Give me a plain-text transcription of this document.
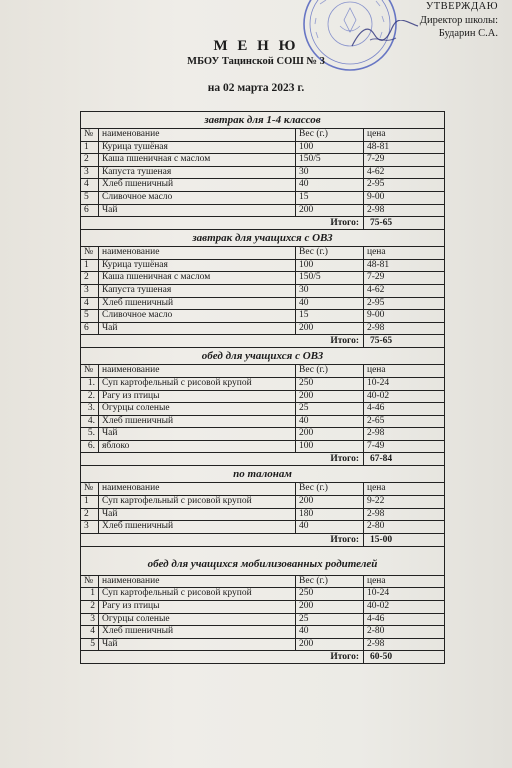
УТВЕРЖДАЮ
Директор школы:
Бударин С.А.
М Е Н Ю
МБОУ Тацинской СОШ № 3
на 02 марта 2023 г.
завтрак для 1-4 классов
№ наименование	Вес (г.)	цена
1	Курица тушёная	100	48-81
2	Каша пшеничная с маслом	150/5	7-29
3	Капуста тушеная	30	4-62
4	Хлеб пшеничный	40	2-95
5	Сливочное масло	15	9-00
6	Чай	200	2-98
Итого:	75-65
завтрак для учащихся с ОВЗ
№ наименование	Вес (г.)	цена
1	Курица тушёная	100	48-81
2	Каша пшеничная с маслом	150/5	7-29
3	Капуста тушеная	30	4-62
4	Хлеб пшеничный	40	2-95
5	Сливочное масло	15	9-00
6	Чай	200	2-98
Итого:	75-65
обед для учащихся с ОВЗ
№ наименование	Вес (г.)	цена
1. Суп картофельный с рисовой крупой	250	10-24
2. Рагу из птицы	200	40-02
3. Огурцы соленые	25	4-46
4. Хлеб пшеничный	40	2-65
5. Чай	200	2-98
6. яблоко	100	7-49
Итого:	67-84
по талонам
№ наименование	Вес (г.)	цена
1	Суп картофельный с рисовой крупой	200	9-22
2	Чай	180	2-98
3	Хлеб пшеничный	40	2-80
Итого:	15-00
обед для учащихся мобилизованных родителей
№ наименование	Вес (г.)	цена
1 Суп картофельный с рисовой крупой	250	10-24
2 Рагу из птицы	200	40-02
3 Огурцы соленые	25	4-46
4 Хлеб пшеничный	40	2-80
5 Чай	200	2-98
Итого:	60-50
